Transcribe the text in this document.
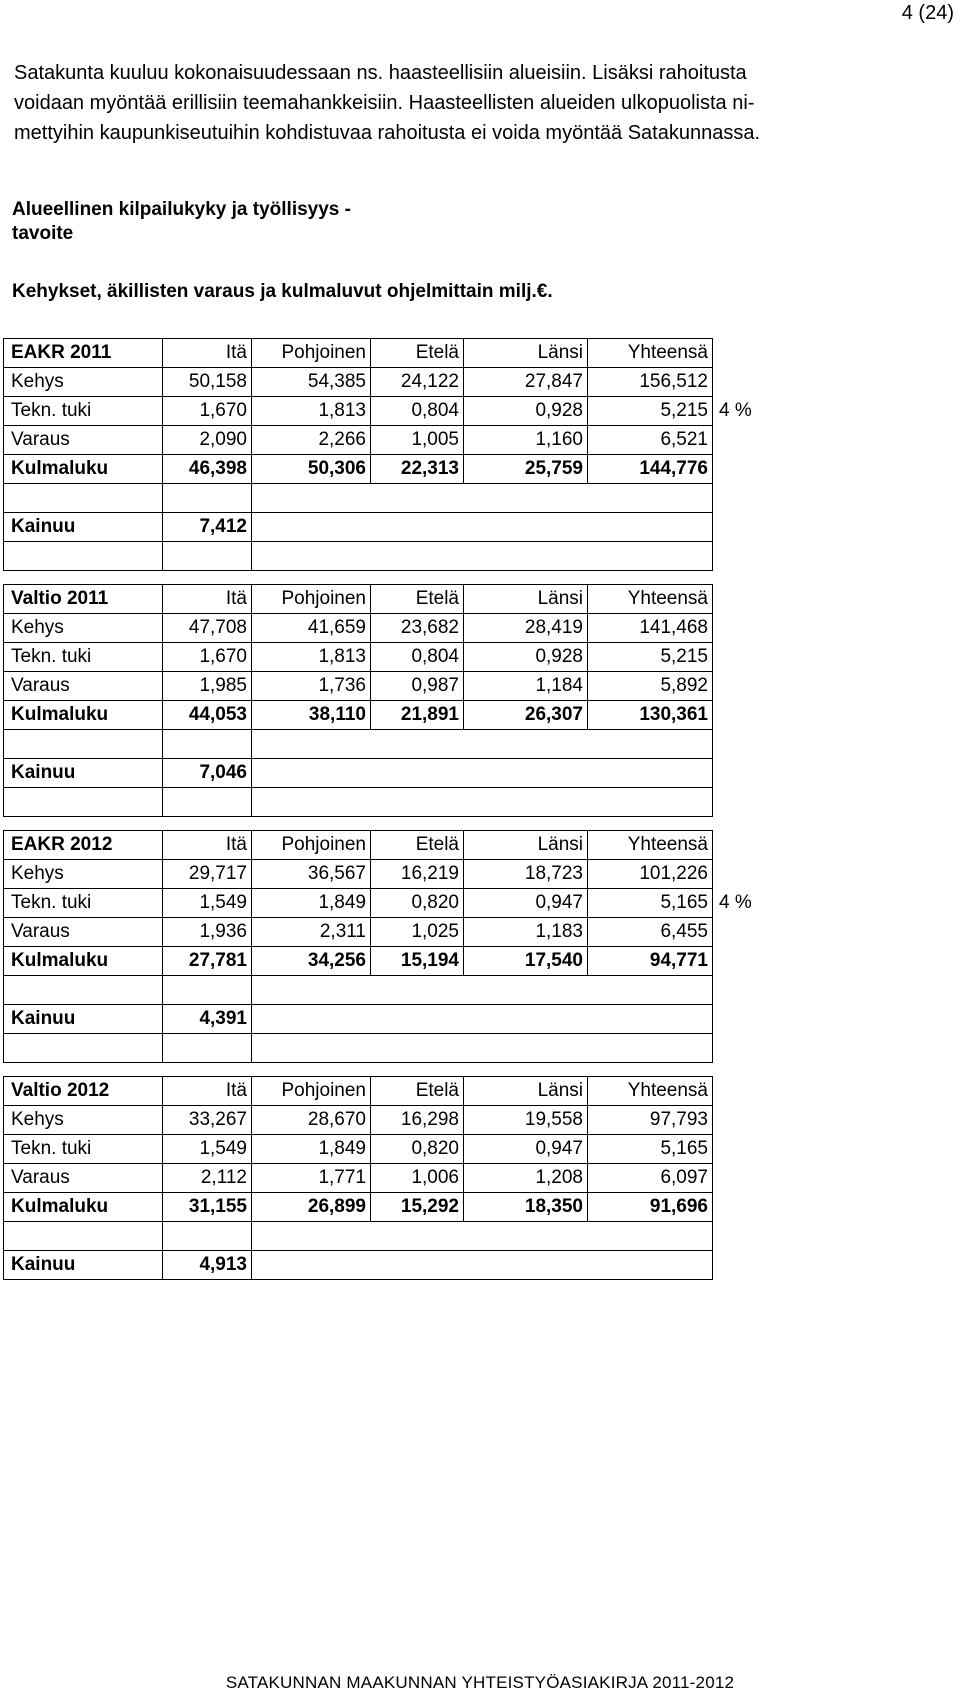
4 (24)
Satakunta kuuluu kokonaisuudessaan ns. haasteellisiin alueisiin. Lisäksi rahoitusta
voidaan myöntää erillisiin teemahankkeisiin. Haasteellisten alueiden ulkopuolista ni-
mettyihin kaupunkiseutuihin kohdistuvaa rahoitusta ei voida myöntää Satakunnassa.
Alueellinen kilpailukyky ja työllisyys -
tavoite
Kehykset, äkillisten varaus ja kulmaluvut ohjelmittain milj.€.
EAKR 2011	Itä	Pohjoinen	Etelä	Länsi	Yhteensä	
Kehys	50,158	54,385	24,122	27,847	156,512	
Tekn. tuki	1,670	1,813	0,804	0,928	5,215	4 %
Varaus	2,090	2,266	1,005	1,160	6,521	
Kulmaluku	46,398	50,306	22,313	25,759	144,776	

Kainuu	7,412					

Valtio 2011	Itä	Pohjoinen	Etelä	Länsi	Yhteensä	
Kehys	47,708	41,659	23,682	28,419	141,468	
Tekn. tuki	1,670	1,813	0,804	0,928	5,215	
Varaus	1,985	1,736	0,987	1,184	5,892	
Kulmaluku	44,053	38,110	21,891	26,307	130,361	

Kainuu	7,046					

EAKR 2012	Itä	Pohjoinen	Etelä	Länsi	Yhteensä	
Kehys	29,717	36,567	16,219	18,723	101,226	
Tekn. tuki	1,549	1,849	0,820	0,947	5,165	4 %
Varaus	1,936	2,311	1,025	1,183	6,455	
Kulmaluku	27,781	34,256	15,194	17,540	94,771	

Kainuu	4,391					

Valtio 2012	Itä	Pohjoinen	Etelä	Länsi	Yhteensä	
Kehys	33,267	28,670	16,298	19,558	97,793	
Tekn. tuki	1,549	1,849	0,820	0,947	5,165	
Varaus	2,112	1,771	1,006	1,208	6,097	
Kulmaluku	31,155	26,899	15,292	18,350	91,696	

Kainuu	4,913					
SATAKUNNAN MAAKUNNAN YHTEISTYÖASIAKIRJA 2011-2012
